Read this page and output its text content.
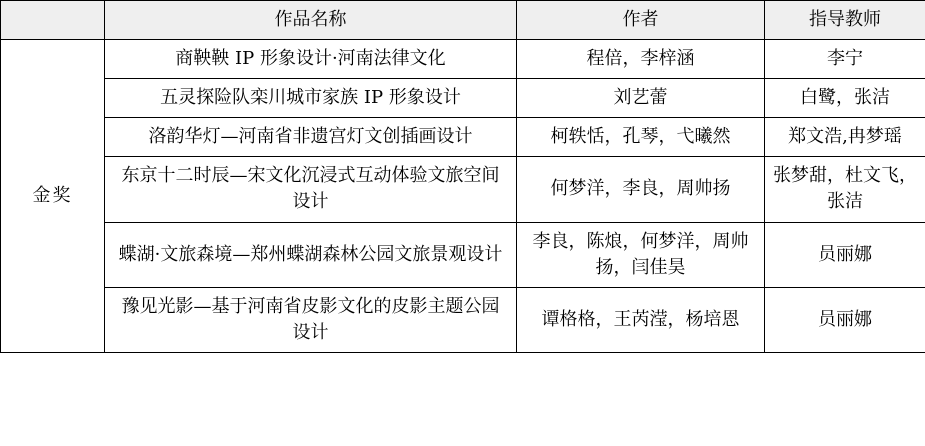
	作品名称	作者	指导教师
金奖	商鞅鞅 IP 形象设计·河南法律文化	程倍，李梓涵	李宁
	五灵探险队栾川城市家族 IP 形象设计	刘艺蕾	白鹭，张洁
	洛韵华灯—河南省非遗宫灯文创插画设计	柯轶恬，孔琴，弋曦然	郑文浩,冉梦瑶
	东京十二时辰—宋文化沉浸式互动体验文旅空间设计	何梦洋，李良，周帅扬	张梦甜，杜文飞，张洁
	蝶湖·文旅森境—郑州蝶湖森林公园文旅景观设计	李良，陈烺，何梦洋，周帅扬，闫佳昊	员丽娜
	豫见光影—基于河南省皮影文化的皮影主题公园设计	谭格格，王芮滢，杨培恩	员丽娜
